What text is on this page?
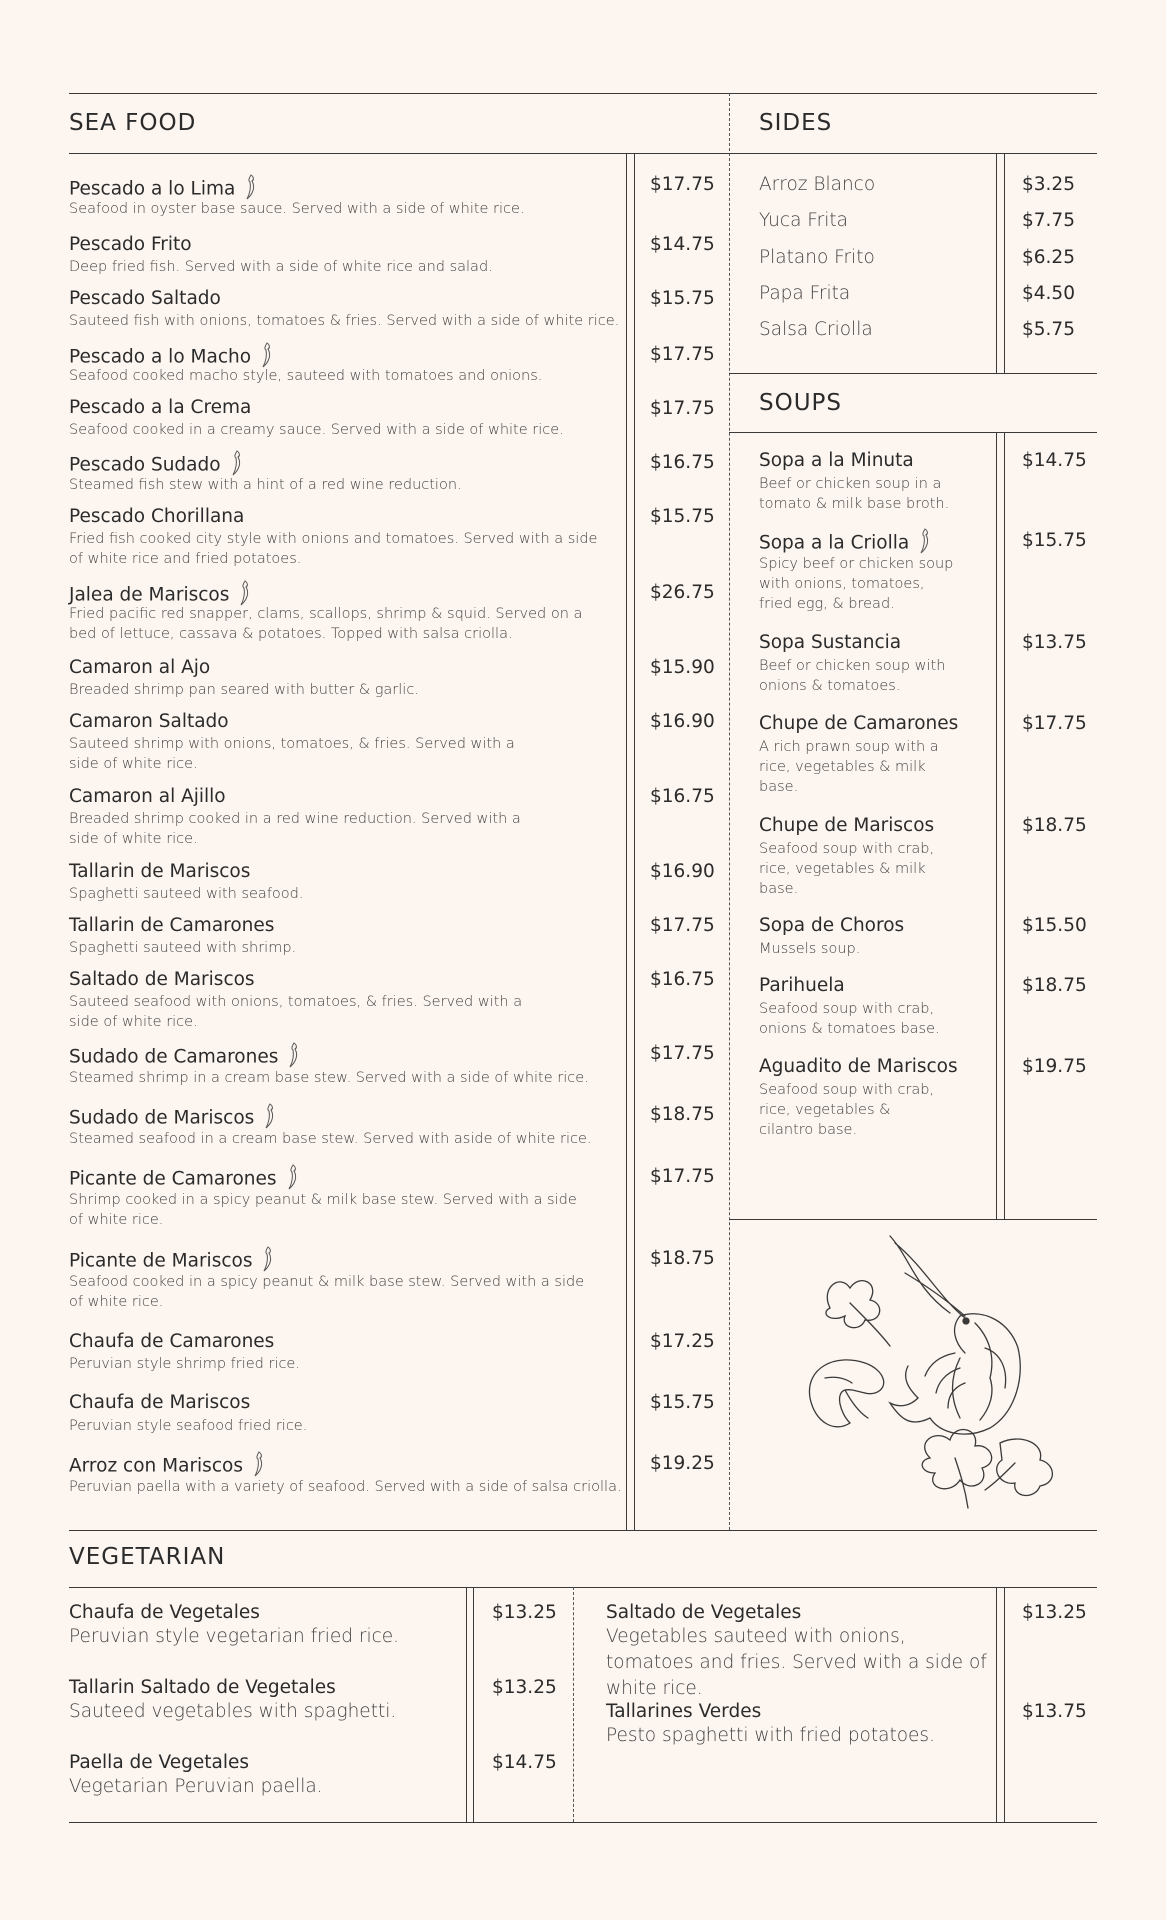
SEA FOOD	SIDES
SOUPS
VEGETARIAN
Pescado a lo Lima
Seafood in oyster base sauce. Served with a side of white rice.
$17.75
Pescado Frito
Deep fried fish. Served with a side of white rice and salad.
$14.75
Pescado Saltado
Sauteed fish with onions, tomatoes & fries. Served with a side of white rice.
$15.75
Pescado a lo Macho
Seafood cooked macho style, sauteed with tomatoes and onions.
$17.75
Pescado a la Crema
Seafood cooked in a creamy sauce. Served with a side of white rice.
$17.75
Pescado Sudado
Steamed fish stew with a hint of a red wine reduction.
$16.75
Pescado Chorillana
Fried fish cooked city style with onions and tomatoes. Served with a side of white rice and fried potatoes.
$15.75
Jalea de Mariscos
Fried pacific red snapper, clams, scallops, shrimp & squid. Served on a bed of lettuce, cassava & potatoes. Topped with salsa criolla.
$26.75
Camaron al Ajo
Breaded shrimp pan seared with butter & garlic.
$15.90
Camaron Saltado
Sauteed shrimp with onions, tomatoes, & fries. Served with a side of white rice.
$16.90
Camaron al Ajillo
Breaded shrimp cooked in a red wine reduction. Served with a side of white rice.
$16.75
Tallarin de Mariscos
Spaghetti sauteed with seafood.
$16.90
Tallarin de Camarones
Spaghetti sauteed with shrimp.
$17.75
Saltado de Mariscos
Sauteed seafood with onions, tomatoes, & fries. Served with a side of white rice.
$16.75
Sudado de Camarones
Steamed shrimp in a cream base stew. Served with a side of white rice.
$17.75
Sudado de Mariscos
Steamed seafood in a cream base stew. Served with aside of white rice.
$18.75
Picante de Camarones
Shrimp cooked in a spicy peanut & milk base stew. Served with a side of white rice.
$17.75
Picante de Mariscos
Seafood cooked in a spicy peanut & milk base stew. Served with a side of white rice.
$18.75
Chaufa de Camarones
Peruvian style shrimp fried rice.
$17.25
Chaufa de Mariscos
Peruvian style seafood fried rice.
$15.75
Arroz con Mariscos
Peruvian paella with a variety of seafood. Served with a side of salsa criolla.
$19.25
Arroz Blanco	$3.25
Yuca Frita	$7.75
Platano Frito	$6.25
Papa Frita	$4.50
Salsa Criolla	$5.75
Sopa a la Minuta
Beef or chicken soup in a tomato & milk base broth.
$14.75
Sopa a la Criolla
Spicy beef or chicken soup with onions, tomatoes, fried egg, & bread.
$15.75
Sopa Sustancia
Beef or chicken soup with onions & tomatoes.
$13.75
Chupe de Camarones
A rich prawn soup with a rice, vegetables & milk base.
$17.75
Chupe de Mariscos
Seafood soup with crab, rice, vegetables & milk base.
$18.75
Sopa de Choros
Mussels soup.
$15.50
Parihuela
Seafood soup with crab, onions & tomatoes base.
$18.75
Aguadito de Mariscos
Seafood soup with crab, rice, vegetables & cilantro base.
$19.75
Chaufa de Vegetales
Peruvian style vegetarian fried rice.
$13.25
Tallarin Saltado de Vegetales
Sauteed vegetables with spaghetti.
$13.25
Paella de Vegetales
Vegetarian Peruvian paella.
$14.75
Saltado de Vegetales
Vegetables sauteed with onions, tomatoes and fries. Served with a side of white rice.
$13.25
Tallarines Verdes
Pesto spaghetti with fried potatoes.
$13.75
